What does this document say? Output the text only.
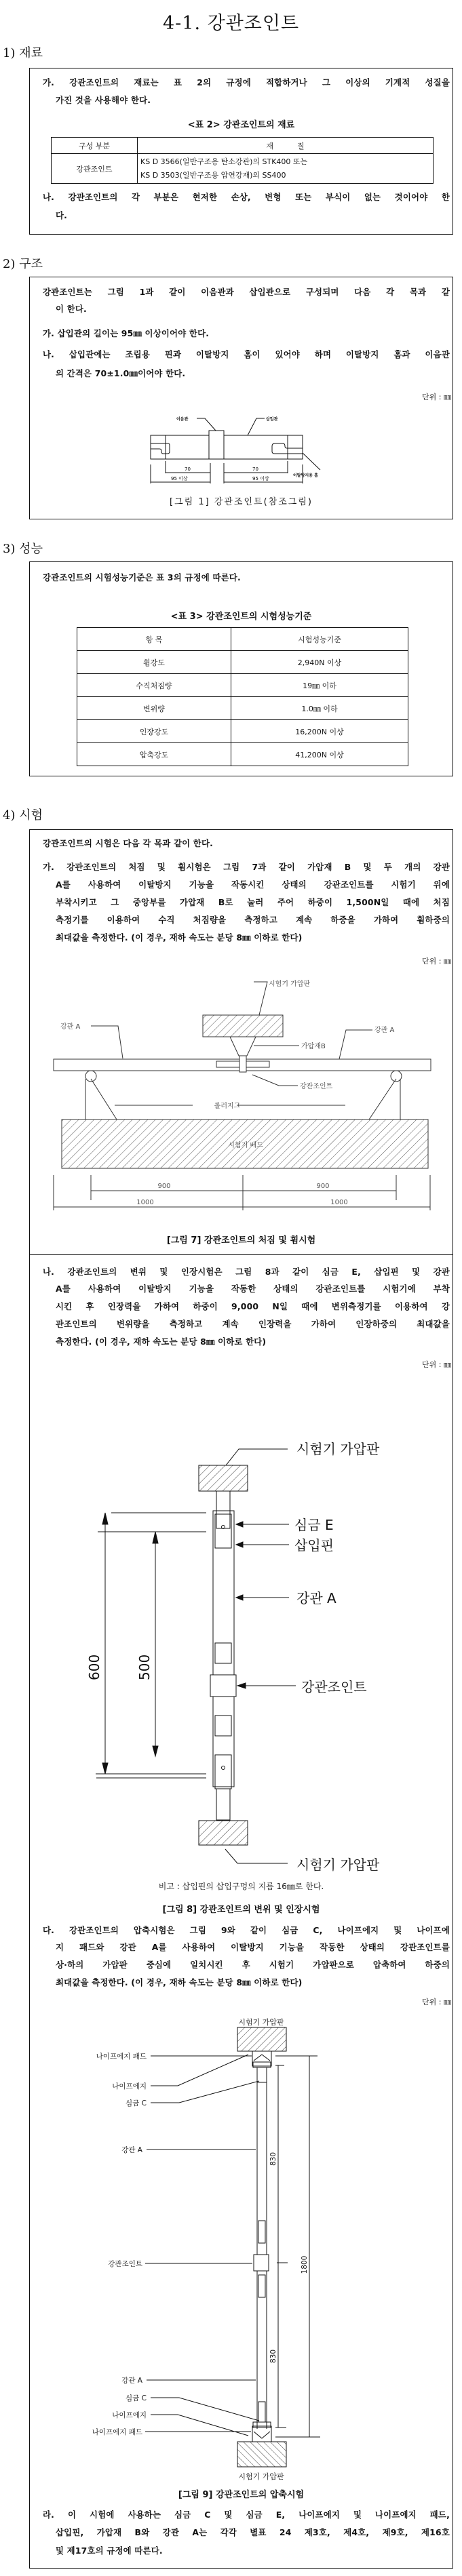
4-1. 강관조인트
1) 재료
가. 강관조인트의 재료는 표 2의 규정에 적합하거나 그 이상의 기계적 성질을
가진 것을 사용해야 한다.
<표 2> 강관조인트의 재료
구성 부분	재          질
강관조인트	KS D 3566(일반구조용 탄소강관)의 STK400 또는
KS D 3503(일반구조용 압연강재)의 SS400
나. 강관조인트의 각 부분은 현저한 손상, 변형 또는 부식이 없는 것이어야 한
다.
2) 구조
강관조인트는 그림 1과 같이 이음관과 삽입관으로 구성되며 다음 각 목과 같
이 한다.
가. 삽입관의 길이는 95㎜ 이상이어야 한다.
나. 삽입관에는 조립용 핀과 이탈방지 홈이 있어야 하며 이탈방지 홈과 이음관
의 간격은 70±1.0㎜이어야 한다.
단위 : ㎜
이음관	삽입관
이탈방지용 홈
70	70
95 이상	95 이상
[그림 1] 강관조인트(참조그림)
3) 성능
강관조인트의 시험성능기준은 표 3의 규정에 따른다.
<표 3> 강관조인트의 시험성능기준
항 목	시험성능기준
휨강도	2,940N 이상
수직처짐량	19㎜ 이하
변위량	1.0㎜ 이하
인장강도	16,200N 이상
압축강도	41,200N 이상
4) 시험
강관조인트의 시험은 다음 각 목과 같이 한다.
가. 강관조인트의 처짐 및 휨시험은 그림 7과 같이 가압재 B 및 두 개의 강관
A를 사용하여 이탈방지 기능을 작동시킨 상태의 강관조인트를 시험기 위에
부착시키고 그 중앙부를 가압재 B로 눌러 주어 하중이 1,500N일 때에 처짐
측정기를 이용하여 수직 처짐량을 측정하고 계속 하중을 가하여 휨하중의
최대값을 측정한다. (이 경우, 재하 속도는 분당 8㎜ 이하로 한다)
단위 : ㎜
시험기 가압판
강관 A	강관 A
가압재B
강관조인트
롤러지그
시험기 배드
900	900
1000	1000
[그림 7] 강관조인트의 처짐 및 휨시험
나. 강관조인트의 변위 및 인장시험은 그림 8과 같이 심금 E, 삽입핀 및 강관
A를 사용하여 이탈방지 기능을 작동한 상태의 강관조인트를 시험기에 부착
시킨 후 인장력을 가하여 하중이 9,000 N일 때에 변위측정기를 이용하여 강
관조인트의 변위량을 측정하고 계속 인장력을 가하여 인장하중의 최대값을
측정한다. (이 경우, 재하 속도는 분당 8㎜ 이하로 한다)
단위 : ㎜
시험기 가압판
심금 E
삽입핀
강관 A
강관조인트
시험기 가압판
600	500
비고 : 삽입핀의 삽입구멍의 지름 16㎜로 한다.
[그림 8] 강관조인트의 변위 및 인장시험
다. 강관조인트의 압축시험은 그림 9와 같이 심금 C, 나이프에지 및 나이프에
지 패드와 강관 A를 사용하여 이탈방지 기능을 작동한 상태의 강관조인트를
상·하의 가압판 중심에 일치시킨 후 시험기 가압판으로 압축하여 하중의
최대값을 측정한다. (이 경우, 재하 속도는 분당 8㎜ 이하로 한다)
단위 : ㎜
시험기 가압판
나이프에지 패드
나이프에지
심금 C
강관 A
강관조인트
강관 A
심금 C
나이프에지
나이프에지 패드
시험기 가압판
830
830
1800
[그림 9] 강관조인트의 압축시험
라. 이 시험에 사용하는 심금 C 및 심금 E, 나이프에지 및 나이프에지 패드,
삽입핀, 가압재 B와 강관 A는 각각 별표 24 제3호, 제4호, 제9호, 제16호
및 제17호의 규정에 따른다.
